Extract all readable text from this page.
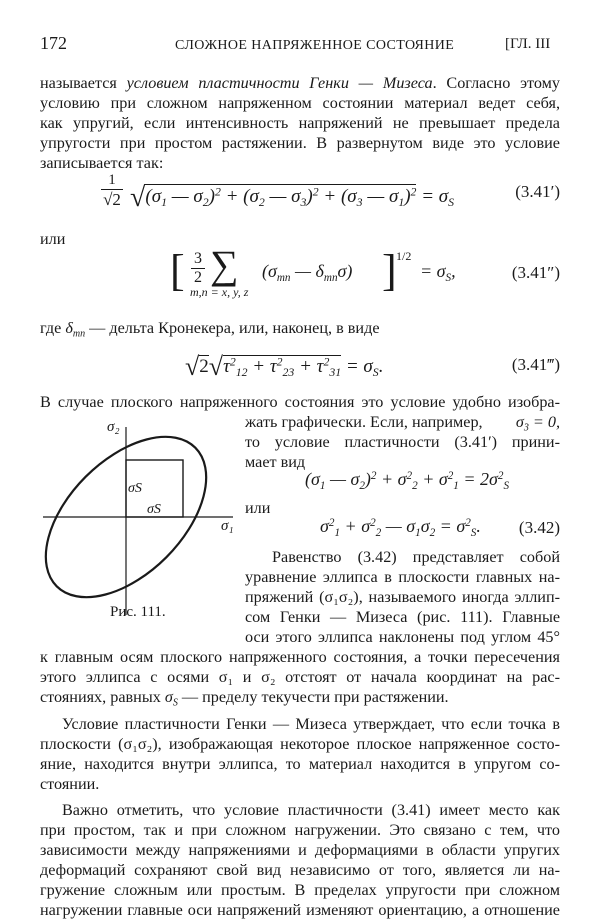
172	СЛОЖНОЕ НАПРЯЖЕННОЕ СОСТОЯНИЕ	[ГЛ. III
называется условием пластичности Генки — Мизеса. Согласно этому
условию при сложном напряженном состоянии материал ведет себя,
как упругий, если интенсивность напряжений не превышает предела
упругости при простом растяжении. В развернутом виде это условие
записывается так:
1
√2 $√(\sigma_1$ — $\sigma_2)^2 + (\sigma_2$ — $\sigma_3)^2 + (\sigma_3$ — $\sigma_1)^2 = \sigma_S$
(3.41′)
или
[ 3
2 ∑
m,n = x, y, z
($\sigma_{mn}$ — $\delta_{mn}\sigma$) ] 1/2
= $\sigma_S$,	(3.41″)
где $\delta_{mn}$ — дельта Кронекера, или, наконец, в виде
$√2√\tau^2_{12} + \tau^2_{23} + \tau^2_{31} = \sigma_S$.	(3.41‴)
В случае плоского напряженного состояния это условие удобно изобра-
жать графически. Если, например, $\sigma_3 = 0$,
то условие пластичности (3.41′) прини-
мает вид
($\sigma_1$ — $\sigma_2)^2 + \sigma^2_2 + \sigma^2_1 = 2\sigma^2_S$
или
$\sigma^2_1 + \sigma^2_2$ — $\sigma_1\sigma_2 = \sigma^2_S$. (3.42)
σ₂
σ₁
σS
σS
Рис. 111.
Равенство (3.42) представляет собой
уравнение эллипса в плоскости главных на-
пряжений (σ₁σ₂), называемого иногда эллип-
сом Генки — Мизеса (рис. 111). Главные
оси этого эллипса наклонены под углом 45°
к главным осям плоского напряженного состояния, а точки пересечения
этого эллипса с осями σ₁ и σ₂ отстоят от начала координат на рас-
стояниях, равных $\sigma_S$ — пределу текучести при растяжении.
Условие пластичности Генки — Мизеса утверждает, что если точка в
плоскости (σ₁σ₂), изображающая некоторое плоское напряженное состо-
яние, находится внутри эллипса, то материал находится в упругом со-
стоянии.
Важно отметить, что условие пластичности (3.41) имеет место как
при простом, так и при сложном нагружении. Это связано с тем, что
зависимости между напряжениями и деформациями в области упругих
деформаций сохраняют свой вид независимо от того, является ли на-
гружение сложным или простым. В пределах упругости при сложном
нагружении главные оси напряжений изменяют ориентацию, а отношение
